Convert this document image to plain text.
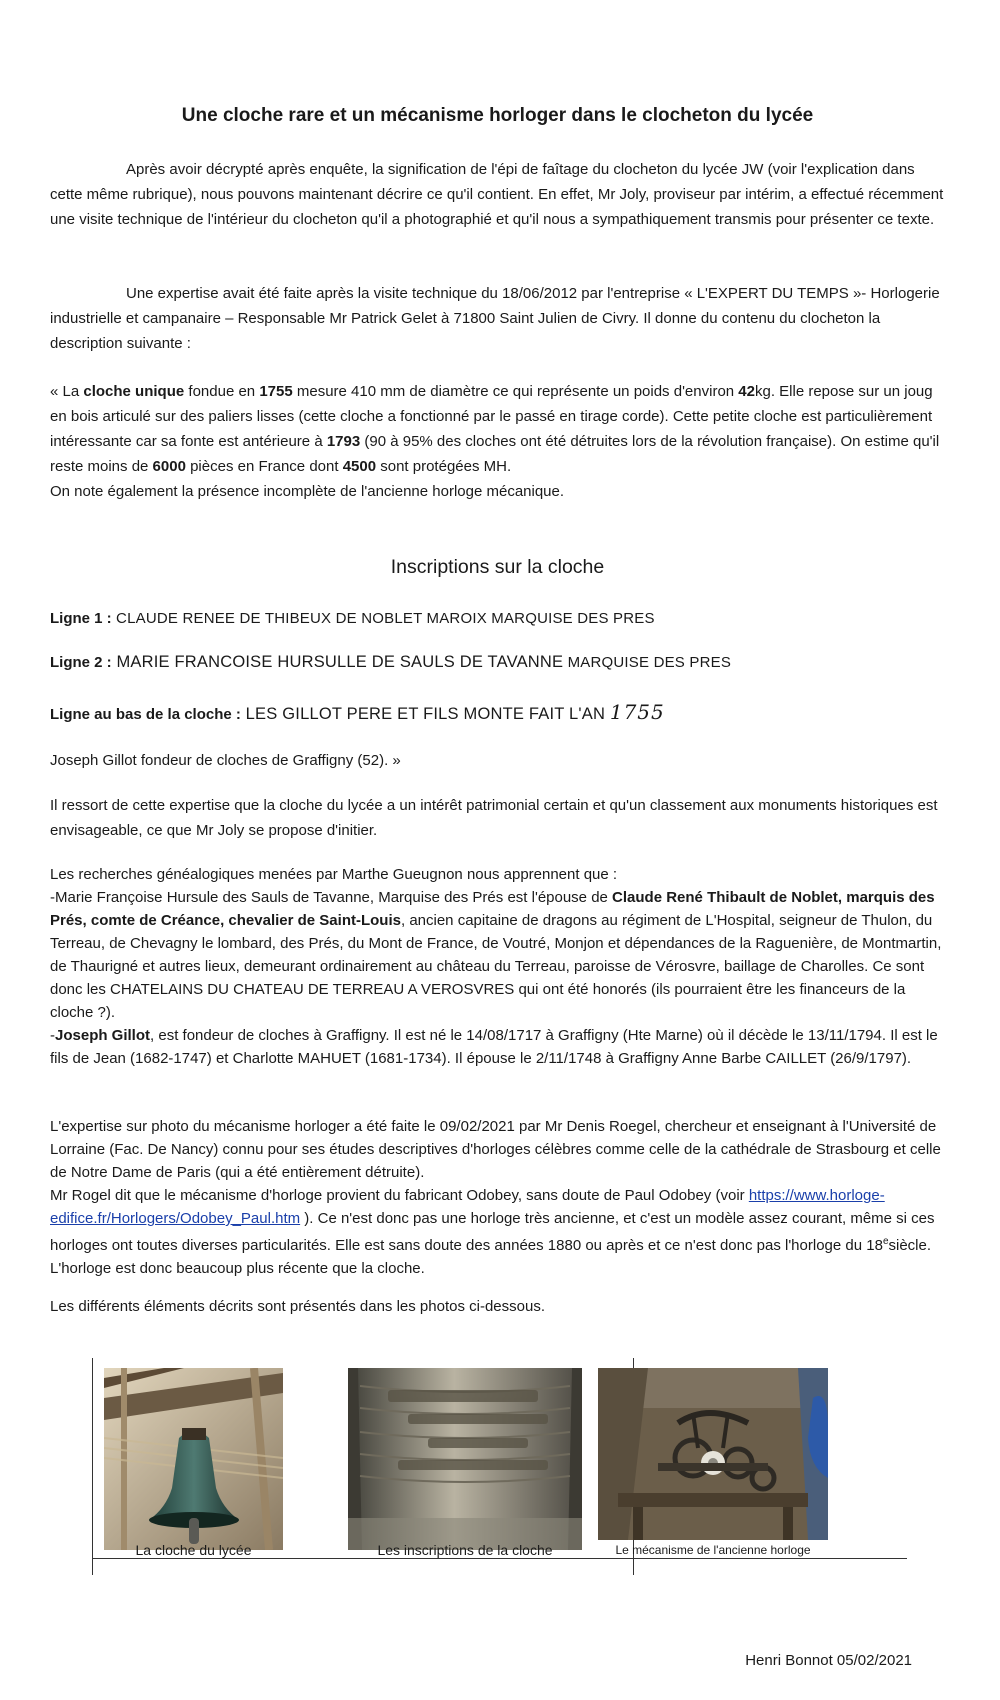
Une cloche rare et un mécanisme horloger dans le clocheton du lycée
Après avoir décrypté après enquête, la signification de l'épi de faîtage du clocheton du lycée JW (voir l'explication dans cette même rubrique), nous pouvons maintenant décrire ce qu'il contient. En effet, Mr Joly, proviseur par intérim, a effectué récemment une visite technique de l'intérieur du clocheton qu'il a photographié et qu'il nous a sympathiquement transmis pour présenter ce texte.
Une expertise avait été faite après la visite technique du 18/06/2012 par l'entreprise « L'EXPERT DU TEMPS »- Horlogerie industrielle et campanaire – Responsable Mr Patrick Gelet à 71800 Saint Julien de Civry. Il donne du contenu du clocheton la description suivante :
« La cloche unique fondue en 1755 mesure 410 mm de diamètre ce qui représente un poids d'environ 42kg. Elle repose sur un joug en bois articulé sur des paliers lisses (cette cloche a fonctionné par le passé en tirage corde). Cette petite cloche est particulièrement intéressante car sa fonte est antérieure à 1793 (90 à 95% des cloches ont été détruites lors de la révolution française). On estime qu'il reste moins de 6000 pièces en France dont 4500 sont protégées MH.
On note également la présence incomplète de l'ancienne horloge mécanique.
Inscriptions sur la cloche
Ligne 1 : CLAUDE RENEE DE THIBEUX DE NOBLET MAROIX MARQUISE DES PRES
Ligne 2 : MARIE FRANCOISE HURSULLE DE SAULS DE TAVANNE MARQUISE DES PRES
Ligne au bas de la cloche : LES GILLOT PERE ET FILS MONTE FAIT L'AN 1755
Joseph Gillot fondeur de cloches de Graffigny (52). »
Il ressort de cette expertise que la cloche du lycée a un intérêt patrimonial certain et qu'un classement aux monuments historiques est envisageable, ce que Mr Joly se propose d'initier.
Les recherches généalogiques menées par Marthe Gueugnon nous apprennent que :
-Marie Françoise Hursule des Sauls de Tavanne, Marquise des Prés est l'épouse de Claude René Thibault de Noblet, marquis des Prés, comte de Créance, chevalier de Saint-Louis, ancien capitaine de dragons au régiment de L'Hospital, seigneur de Thulon, du Terreau, de Chevagny le lombard, des Prés, du Mont de France, de Voutré, Monjon et dépendances de la Raguenière, de Montmartin, de Thaurigné et autres lieux, demeurant ordinairement au château du Terreau, paroisse de Vérosvre, baillage de Charolles. Ce sont donc les CHATELAINS DU CHATEAU DE TERREAU A VEROSVRES qui ont été honorés (ils pourraient être les financeurs de la cloche ?).
-Joseph Gillot, est fondeur de cloches à Graffigny. Il est né le 14/08/1717 à Graffigny (Hte Marne) où il décède le 13/11/1794. Il est le fils de Jean (1682-1747) et Charlotte MAHUET (1681-1734). Il épouse le 2/11/1748 à Graffigny Anne Barbe CAILLET (26/9/1797).
L'expertise sur photo du mécanisme horloger a été faite le 09/02/2021 par Mr Denis Roegel, chercheur et enseignant à l'Université de Lorraine (Fac. De Nancy) connu pour ses études descriptives d'horloges célèbres comme celle de la cathédrale de Strasbourg et celle de Notre Dame de Paris (qui a été entièrement détruite).
Mr Rogel dit que le mécanisme d'horloge provient du fabricant Odobey, sans doute de Paul Odobey (voir https://www.horloge-edifice.fr/Horlogers/Odobey_Paul.htm ). Ce n'est donc pas une horloge très ancienne, et c'est un modèle assez courant, même si ces horloges ont toutes diverses particularités. Elle est sans doute des années 1880 ou après et ce n'est donc pas l'horloge du 18esiècle. L'horloge est donc beaucoup plus récente que la cloche.
Les différents éléments décrits sont présentés dans les photos ci-dessous.
La cloche du lycée	Les inscriptions de la cloche	Le mécanisme de l'ancienne horloge
Henri Bonnot 05/02/2021
